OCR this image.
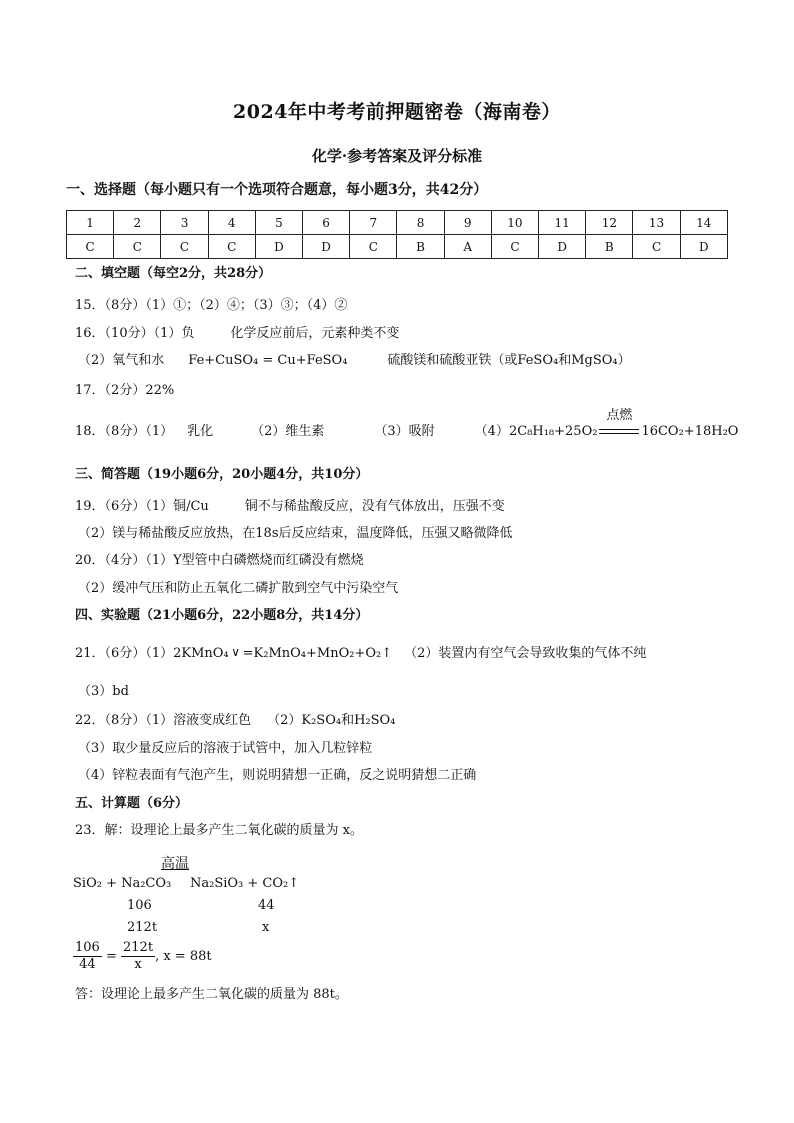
2024年中考考前押题密卷（海南卷）
化学·参考答案及评分标准
一、选择题（每小题只有一个选项符合题意，每小题3分，共42分）
1	2	3	4	5	6	7	8	9	10	11	12	13	14
C	C	C	C	D	D	C	B	A	C	D	B	C	D
二、填空题（每空2分，共28分）
15．（8分）（1）①；（2）④；（3）③；（4）②
16．（10分）（1）负	化学反应前后，元素种类不变
（2）氧气和水 Fe+CuSO₄ = Cu+FeSO₄	硫酸镁和硫酸亚铁（或FeSO₄和MgSO₄）
17．（2分）22%
18．（8分）（1） 乳化	（2）维生素	（3）吸附	（4）2C₈H₁₈+25O₂
点燃
16CO₂+18H₂O
三、简答题（19小题6分，20小题4分，共10分）
19．（6分）（1）铜/Cu	铜不与稀盐酸反应，没有气体放出，压强不变
（2）镁与稀盐酸反应放热，在18s后反应结束，温度降低，压强又略微降低
20．（4分）（1）Y型管中白磷燃烧而红磷没有燃烧
（2）缓冲气压和防止五氧化二磷扩散到空气中污染空气
四、实验题（21小题6分，22小题8分，共14分）
21．（6分）（1）2KMnO₄ ∨ =K₂MnO₄+MnO₂+O₂↑ （2）装置内有空气会导致收集的气体不纯
（3）bd
22．（8分）（1）溶液变成红色 （2）K₂SO₄和H₂SO₄
（3）取少量反应后的溶液于试管中，加入几粒锌粒
（4）锌粒表面有气泡产生，则说明猜想一正确，反之说明猜想二正确
五、计算题（6分）
23．解：设理论上最多产生二氧化碳的质量为 x。
高温
SiO₂ + Na₂CO₃ Na₂SiO₃ + CO₂↑
106	44
212t	x
$\frac{106}{44} = \frac{212t}{x}$ , x = 88t
答：设理论上最多产生二氧化碳的质量为 88t。
